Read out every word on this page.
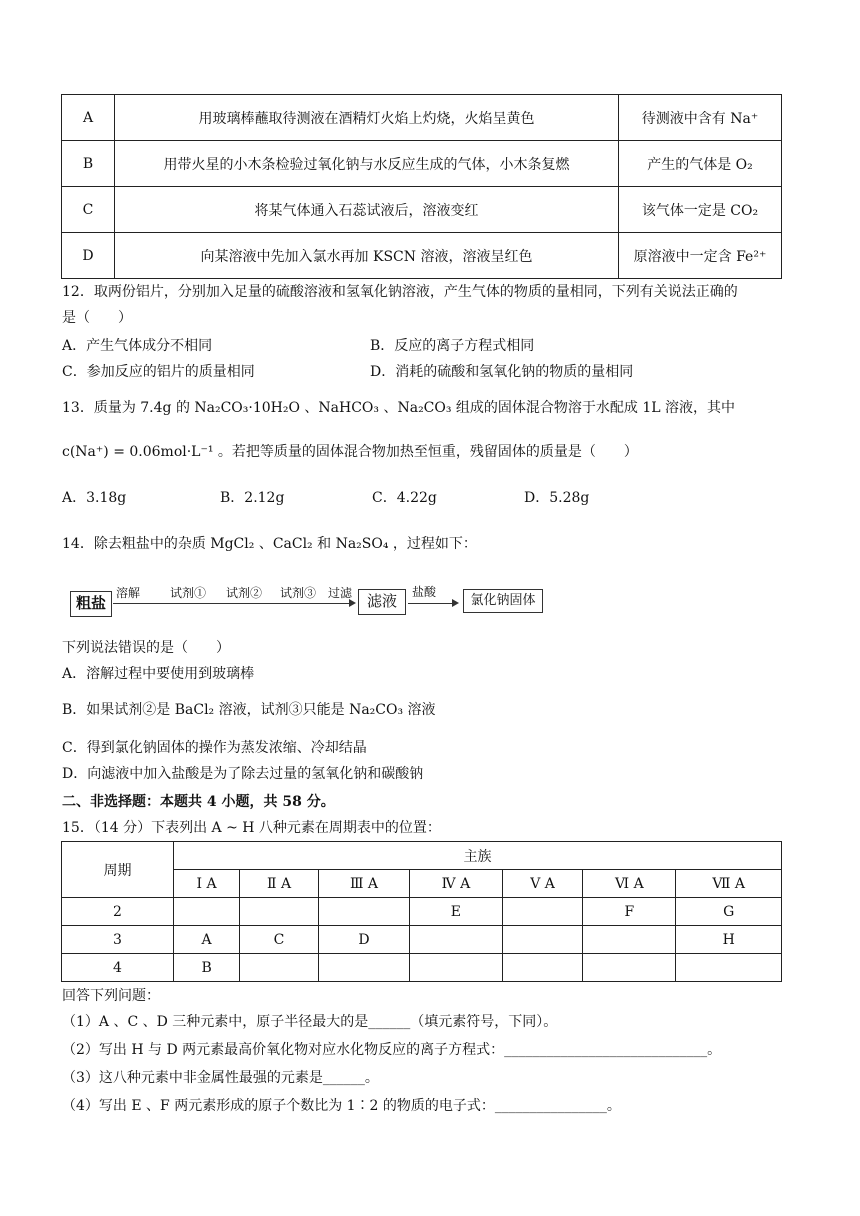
A	用玻璃棒蘸取待测液在酒精灯火焰上灼烧，火焰呈黄色	待测液中含有 Na⁺
B	用带火星的小木条检验过氧化钠与水反应生成的气体，小木条复燃	产生的气体是 O₂
C	将某气体通入石蕊试液后，溶液变红	该气体一定是 CO₂
D	向某溶液中先加入氯水再加 KSCN 溶液，溶液呈红色	原溶液中一定含 Fe²⁺
12．取两份铝片，分别加入足量的硫酸溶液和氢氧化钠溶液，产生气体的物质的量相同，下列有关说法正确的
是（　　）
A．产生气体成分不相同	B．反应的离子方程式相同
C．参加反应的铝片的质量相同	D．消耗的硫酸和氢氧化钠的物质的量相同
13．质量为 7.4g 的 Na₂CO₃·10H₂O 、NaHCO₃ 、Na₂CO₃ 组成的固体混合物溶于水配成 1L 溶液，其中
c(Na⁺) = 0.06mol·L⁻¹ 。若把等质量的固体混合物加热至恒重，残留固体的质量是（　　）
A．3.18g	B．2.12g	C．4.22g	D．5.28g
14．除去粗盐中的杂质 MgCl₂ 、CaCl₂ 和 Na₂SO₄ ，过程如下：
粗盐
溶解 试剂① 试剂② 试剂③ 过滤 滤液	盐酸
氯化钠固体
下列说法错误的是（　　）
A．溶解过程中要使用到玻璃棒
B．如果试剂②是 BaCl₂ 溶液，试剂③只能是 Na₂CO₃ 溶液
C．得到氯化钠固体的操作为蒸发浓缩、冷却结晶
D．向滤液中加入盐酸是为了除去过量的氢氧化钠和碳酸钠
二、非选择题：本题共 4 小题，共 58 分。
15．（14 分）下表列出 A ~ H 八种元素在周期表中的位置：
周期	主族						
	Ⅰ A	Ⅱ A	Ⅲ A	Ⅳ A	Ⅴ A	Ⅵ A	Ⅶ A
2				E		F	G
3	A	C	D				H
4	B						
回答下列问题：
（1）A 、C 、D 三种元素中，原子半径最大的是______（填元素符号，下同）。
（2）写出 H 与 D 两元素最高价氧化物对应水化物反应的离子方程式：_____________________________。
（3）这八种元素中非金属性最强的元素是______。
（4）写出 E 、F 两元素形成的原子个数比为 1∶2 的物质的电子式：________________。
